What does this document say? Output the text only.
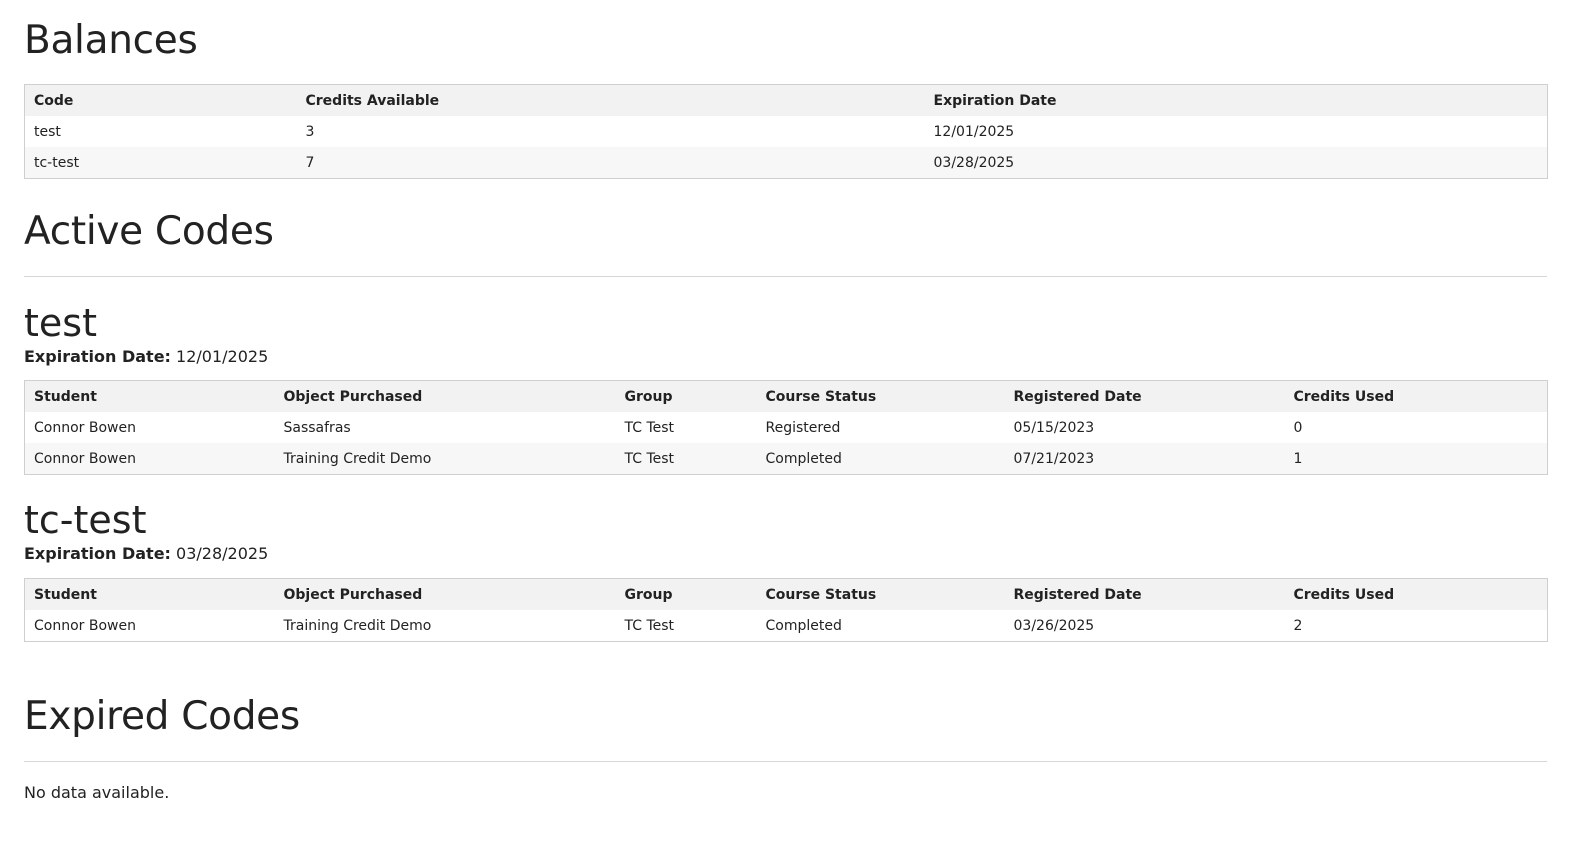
Balances
Code	Credits Available	Expiration Date
test	3	12/01/2025
tc-test	7	03/28/2025
Active Codes
test
Expiration Date: 12/01/2025
Student	Object Purchased	Group	Course Status	Registered Date	Credits Used
Connor Bowen	Sassafras	TC Test	Registered	05/15/2023	0
Connor Bowen	Training Credit Demo	TC Test	Completed	07/21/2023	1
tc-test
Expiration Date: 03/28/2025
Student	Object Purchased	Group	Course Status	Registered Date	Credits Used
Connor Bowen	Training Credit Demo	TC Test	Completed	03/26/2025	2
Expired Codes
No data available.
